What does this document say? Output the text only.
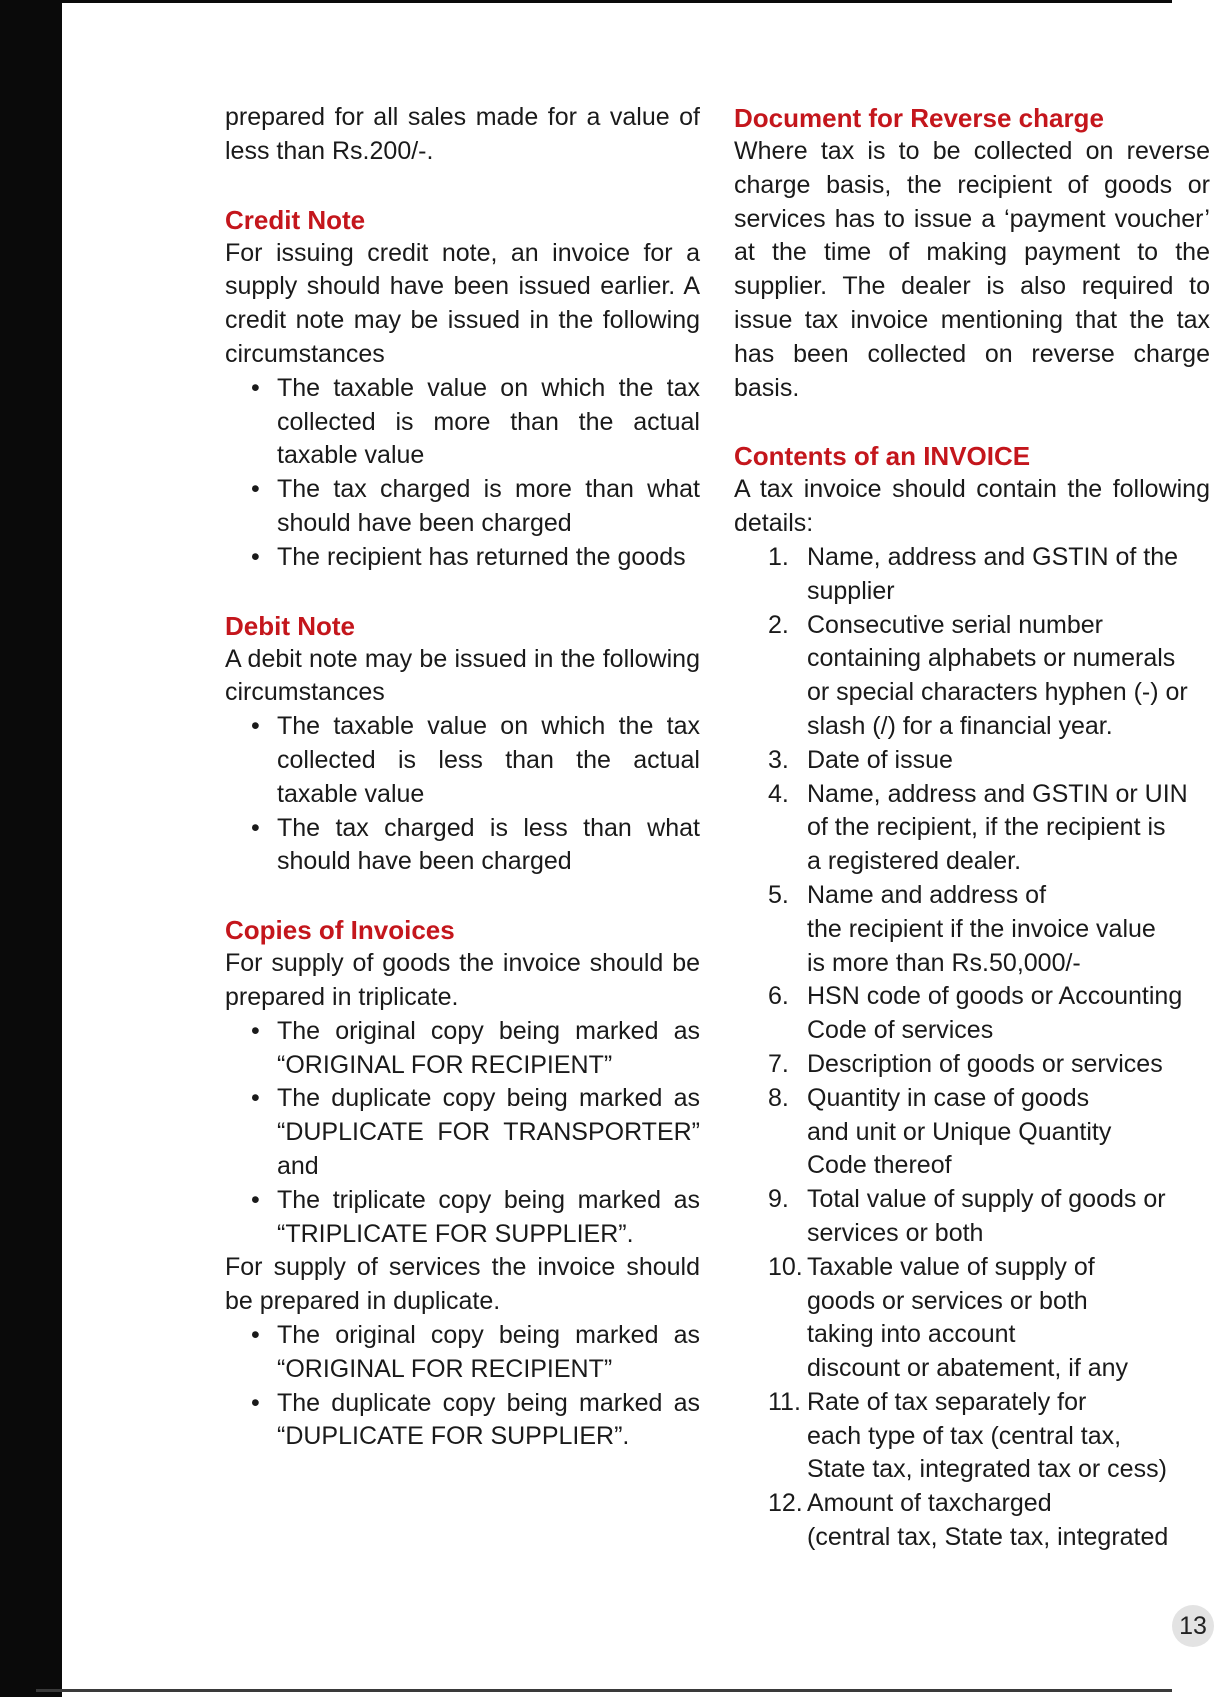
prepared for all sales made for a value of less than Rs.200/-.

Credit Note

For issuing credit note, an invoice for a supply should have been issued earlier. A credit note may be issued in the following circumstances

• The taxable value on which the tax collected is more than the actual taxable value
• The tax charged is more than what should have been charged
• The recipient has returned the goods
Debit Note

A debit note may be issued in the following circumstances

• The taxable value on which the tax collected is less than the actual taxable value
• The tax charged is less than what should have been charged
Copies of Invoices

For supply of goods the invoice should be prepared in triplicate.

• The original copy being marked as “ORIGINAL FOR RECIPIENT”
• The duplicate copy being marked as “DUPLICATE FOR TRANSPORTER” and
• The triplicate copy being marked as “TRIPLICATE FOR SUPPLIER”.

For supply of services the invoice should be prepared in duplicate.

• The original copy being marked as “ORIGINAL FOR RECIPIENT”
• The duplicate copy being marked as “DUPLICATE FOR SUPPLIER”.
Document for Reverse charge

Where tax is to be collected on reverse charge basis, the recipient of goods or services has to issue a ‘payment voucher’ at the time of making payment to the supplier. The dealer is also required to issue tax invoice mentioning that the tax has been collected on reverse charge basis.

Contents of an INVOICE

A tax invoice should contain the following details:

1. Name, address and GSTIN of the
supplier
2. Consecutive serial number
containing alphabets or numerals
or special characters hyphen (-) or
slash (/) for a financial year.
3. Date of issue
4. Name, address and GSTIN or UIN
of the recipient, if the recipient is
a registered dealer.
5. Name and address of
the recipient if the invoice value
is more than Rs.50,000/-
6. HSN code of goods or Accounting
Code of services
7. Description of goods or services
8. Quantity in case of goods
and unit or Unique Quantity
Code thereof
9. Total value of supply of goods or
services or both
10. Taxable value of supply of
goods or services or both
taking into account
discount or abatement, if any
11. Rate of tax separately for
each type of tax (central tax,
State tax, integrated tax or cess)
12. Amount of taxcharged
(central tax, State tax, integrated
13
